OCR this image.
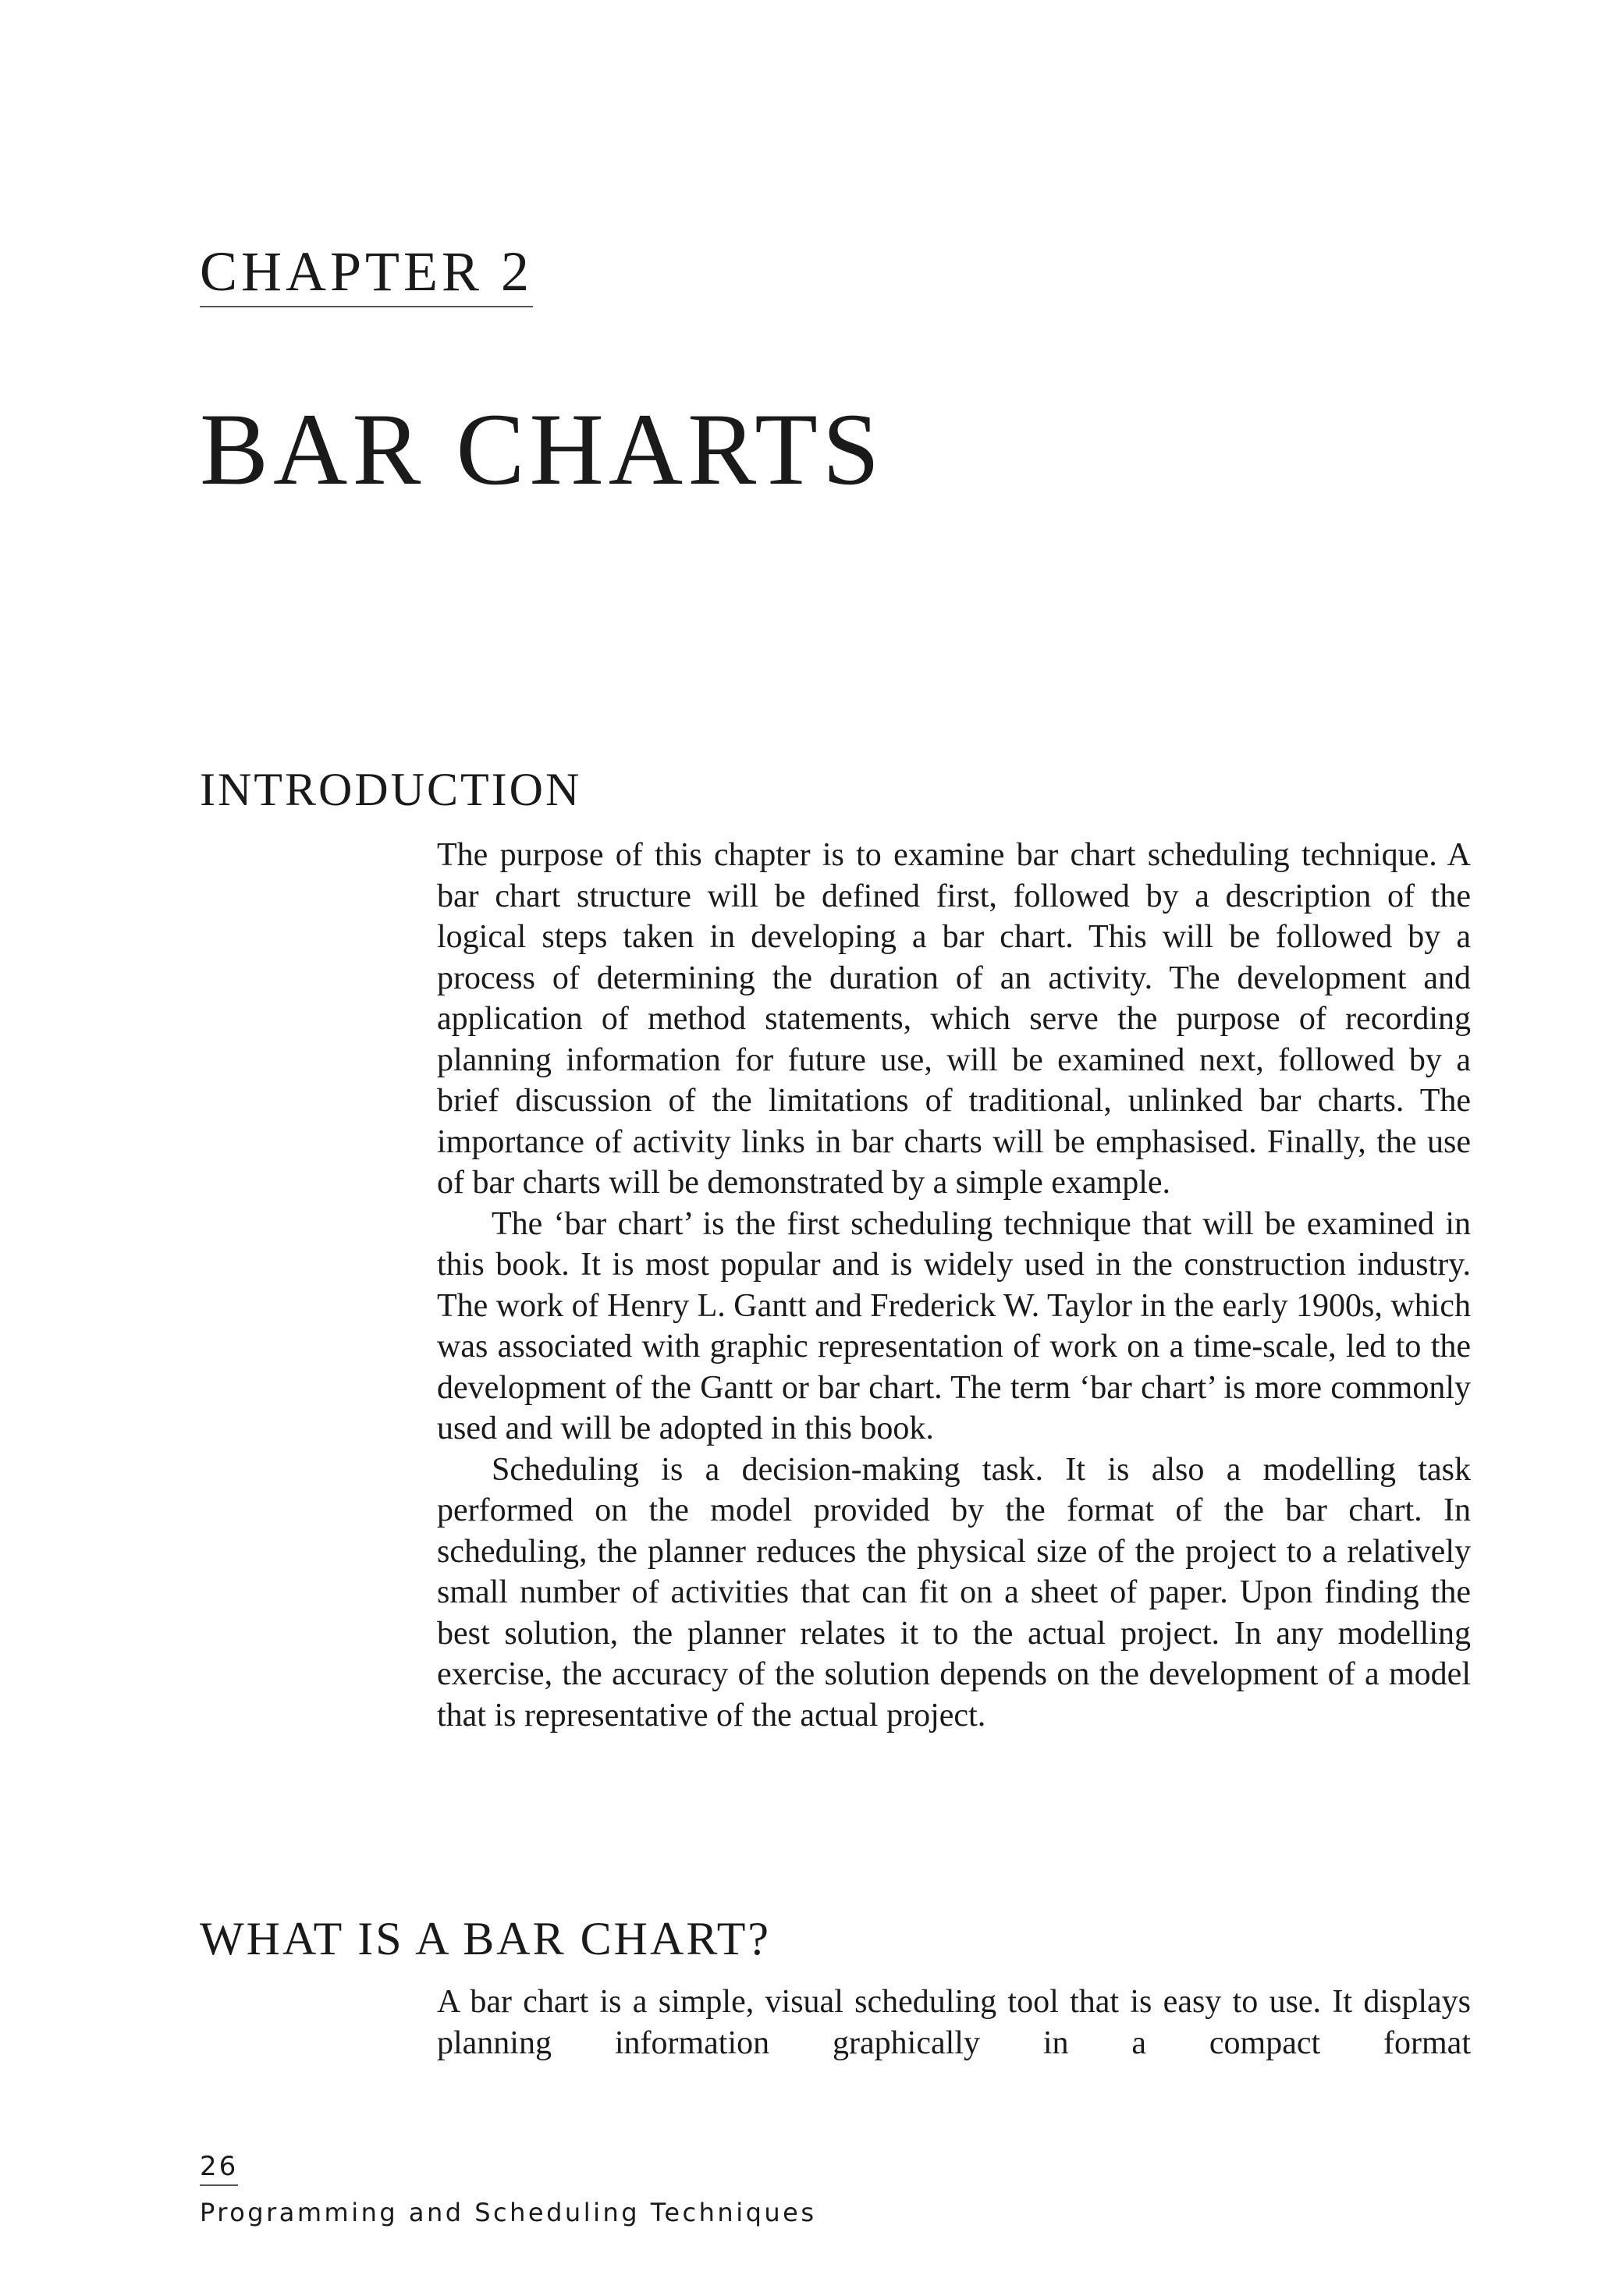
CHAPTER 2
BAR CHARTS
INTRODUCTION

The purpose of this chapter is to examine bar chart scheduling technique. A bar chart structure will be defined first, followed by a description of the logical steps taken in developing a bar chart. This will be followed by a process of determining the duration of an activity. The development and application of method statements, which serve the purpose of recording planning information for future use, will be examined next, followed by a brief discussion of the limitations of traditional, unlinked bar charts. The importance of activity links in bar charts will be emphasised. Finally, the use of bar charts will be demonstrated by a simple example.

The ‘bar chart’ is the first scheduling technique that will be examined in this book. It is most popular and is widely used in the construction industry. The work of Henry L. Gantt and Frederick W. Taylor in the early 1900s, which was associated with graphic representation of work on a time-scale, led to the development of the Gantt or bar chart. The term ‘bar chart’ is more commonly used and will be adopted in this book.

Scheduling is a decision-making task. It is also a modelling task performed on the model provided by the format of the bar chart. In scheduling, the planner reduces the physical size of the project to a relatively small number of activities that can fit on a sheet of paper. Upon finding the best solution, the planner relates it to the actual project. In any modelling exercise, the accuracy of the solution depends on the development of a model that is representative of the actual project.

WHAT IS A BAR CHART?

A bar chart is a simple, visual scheduling tool that is easy to use. It displays planning information graphically in a compact format

26
Programming and Scheduling Techniques
